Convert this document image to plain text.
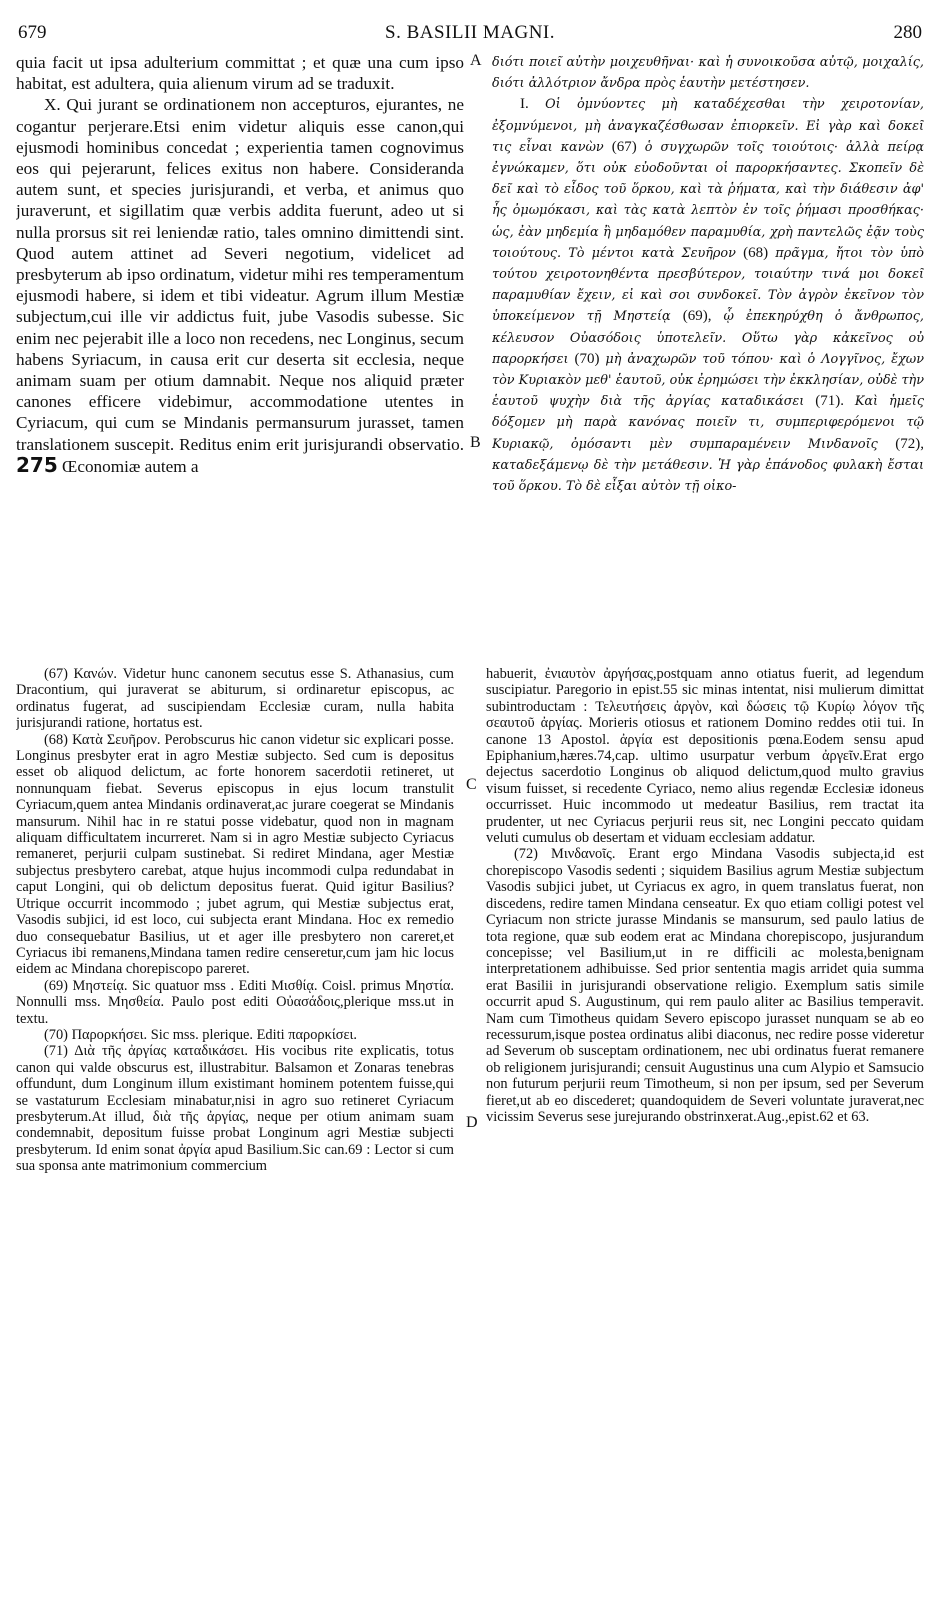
679	S. BASILII MAGNI.	280

quia facit ut ipsa adulterium committat ; et quæ una cum ipso habitat, est adultera, quia alienum virum ad se traduxit.

X. Qui jurant se ordinationem non accepturos, ejurantes, ne cogantur perjerare.Etsi enim videtur aliquis esse canon,qui ejusmodi hominibus concedat ; experientia tamen cognovimus eos qui pejerarunt, felices exitus non habere. Consideranda autem sunt, et species jurisjurandi, et verba, et animus quo juraverunt, et sigillatim quæ verbis addita fuerunt, adeo ut si nulla prorsus sit rei leniendæ ratio, tales omnino dimittendi sint. Quod autem attinet ad Severi negotium, videlicet ad presbyterum ab ipso ordinatum, videtur mihi res temperamentum ejusmodi habere, si idem et tibi videatur. Agrum illum Mestiæ subjectum,cui ille vir addictus fuit, jube Vasodis subesse. Sic enim nec pejerabit ille a loco non recedens, nec Longinus, secum habens Syriacum, in causa erit cur deserta sit ecclesia, neque animam suam per otium damnabit. Neque nos aliquid præter canones efficere videbimur, accommodatione utentes in Cyriacum, qui cum se Mindanis permansurum jurasset, tamen translationem suscepit. Reditus enim erit jurisjurandi observatio. 275 Œconomiæ autem a

A
B
C
D

διότι ποιεῖ αὐτὴν μοιχευθῆναι· καὶ ἡ συνοικοῦσα αὐτῷ, μοιχαλίς, διότι ἀλλότριον ἄνδρα πρὸς ἑαυτὴν μετέστησεν.

Ι. Οἱ ὀμνύοντες μὴ καταδέχεσθαι τὴν χειροτονίαν, ἐξομνύμενοι, μὴ ἀναγκαζέσθωσαν ἐπιορκεῖν. Εἰ γὰρ καὶ δοκεῖ τις εἶναι κανὼν (67) ὁ συγχωρῶν τοῖς τοιούτοις· ἀλλὰ πείρᾳ ἐγνώκαμεν, ὅτι οὐκ εὐοδοῦνται οἱ παρορκήσαντες. Σκοπεῖν δὲ δεῖ καὶ τὸ εἶδος τοῦ ὅρκου, καὶ τὰ ῥήματα, καὶ τὴν διάθεσιν ἀφ' ἧς ὀμωμόκασι, καὶ τὰς κατὰ λεπτὸν ἐν τοῖς ῥήμασι προσθήκας· ὡς, ἐὰν μηδεμία ἢ μηδαμόθεν παραμυθία, χρὴ παντελῶς ἐᾷν τοὺς τοιούτους. Τὸ μέντοι κατὰ Σευῆρον (68) πρᾶγμα, ἤτοι τὸν ὑπὸ τούτου χειροτονηθέντα πρεσβύτερον, τοιαύτην τινά μοι δοκεῖ παραμυθίαν ἔχειν, εἰ καὶ σοι συνδοκεῖ. Τὸν ἀγρὸν ἐκεῖνον τὸν ὑποκείμενον τῇ Μηστείᾳ (69), ᾧ ἐπεκηρύχθη ὁ ἄνθρωπος, κέλευσον Οὐασόδοις ὑποτελεῖν. Οὕτω γὰρ κἀκεῖνος οὐ παρορκήσει (70) μὴ ἀναχωρῶν τοῦ τόπου· καὶ ὁ Λογγῖνος, ἔχων τὸν Κυριακὸν μεθ' ἑαυτοῦ, οὐκ ἐρημώσει τὴν ἐκκλησίαν, οὐδὲ τὴν ἑαυτοῦ ψυχὴν διὰ τῆς ἀργίας καταδικάσει (71). Καὶ ἡμεῖς δόξομεν μὴ παρὰ κανόνας ποιεῖν τι, συμπεριφερόμενοι τῷ Κυριακῷ, ὀμόσαντι μὲν συμπαραμένειν Μινδανοῖς (72), καταδεξάμενῳ δὲ τὴν μετάθεσιν. Ἡ γὰρ ἐπάνοδος φυλακὴ ἔσται τοῦ ὅρκου. Τὸ δὲ εἶξαι αὐτὸν τῇ οἰκο-

(67) Κανών. Videtur hunc canonem secutus esse S. Athanasius, cum Dracontium, qui juraverat se abiturum, si ordinaretur episcopus, ac ordinatus fugerat, ad suscipiendam Ecclesiæ curam, nulla habita jurisjurandi ratione, hortatus est.

(68) Κατὰ Σευῆρον. Perobscurus hic canon videtur sic explicari posse. Longinus presbyter erat in agro Mestiæ subjecto. Sed cum is depositus esset ob aliquod delictum, ac forte honorem sacerdotii retineret, ut nonnunquam fiebat. Severus episcopus in ejus locum transtulit Cyriacum,quem antea Mindanis ordinaverat,ac jurare coegerat se Mindanis mansurum. Nihil hac in re statui posse videbatur, quod non in magnam aliquam difficultatem incurreret. Nam si in agro Mestiæ subjecto Cyriacus remaneret, perjurii culpam sustinebat. Si rediret Mindana, ager Mestiæ subjectus presbytero carebat, atque hujus incommodi culpa redundabat in caput Longini, qui ob delictum depositus fuerat. Quid igitur Basilius? Utrique occurrit incommodo ; jubet agrum, qui Mestiæ subjectus erat, Vasodis subjici, id est loco, cui subjecta erant Mindana. Hoc ex remedio duo consequebatur Basilius, ut et ager ille presbytero non careret,et Cyriacus ibi remanens,Mindana tamen redire censeretur,cum jam hic locus eidem ac Mindana chorepiscopo pareret.

(69) Μηστείᾳ. Sic quatuor mss . Editi Μισθίᾳ. Coisl. primus Μηστία. Nonnulli mss. Μησθεία. Paulo post editi Οὐασάδοις,plerique mss.ut in textu.

(70) Παρορκήσει. Sic mss. plerique. Editi παρορκίσει.

(71) Διὰ τῆς ἀργίας καταδικάσει. His vocibus rite explicatis, totus canon qui valde obscurus est, illustrabitur. Balsamon et Zonaras tenebras offundunt, dum Longinum illum existimant hominem potentem fuisse,qui se vastaturum Ecclesiam minabatur,nisi in agro suo retineret Cyriacum presbyterum.At illud, διὰ τῆς ἀργίας, neque per otium animam suam condemnabit, depositum fuisse probat Longinum agri Mestiæ subjecti presbyterum. Id enim sonat ἀργία apud Basilium.Sic can.69 : Lector si cum sua sponsa ante matrimonium commercium

habuerit, ἐνιαυτὸν ἀργήσας,postquam anno otiatus fuerit, ad legendum suscipiatur. Paregorio in epist.55 sic minas intentat, nisi mulierum dimittat subintroductam : Τελευτήσεις ἀργὸν, καὶ δώσεις τῷ Κυρίῳ λόγον τῆς σεαυτοῦ ἀργίας. Morieris otiosus et rationem Domino reddes otii tui. In canone 13 Apostol. ἀργία est depositionis pœna.Eodem sensu apud Epiphanium,hæres.74,cap. ultimo usurpatur verbum ἀργεῖν.Erat ergo dejectus sacerdotio Longinus ob aliquod delictum,quod multo gravius visum fuisset, si recedente Cyriaco, nemo alius regendæ Ecclesiæ idoneus occurrisset. Huic incommodo ut medeatur Basilius, rem tractat ita prudenter, ut nec Cyriacus perjurii reus sit, nec Longini peccato quidam veluti cumulus ob desertam et viduam ecclesiam addatur.

(72) Μινδανοῖς. Erant ergo Mindana Vasodis subjecta,id est chorepiscopo Vasodis sedenti ; siquidem Basilius agrum Mestiæ subjectum Vasodis subjici jubet, ut Cyriacus ex agro, in quem translatus fuerat, non discedens, redire tamen Mindana censeatur. Ex quo etiam colligi potest vel Cyriacum non stricte jurasse Mindanis se mansurum, sed paulo latius de tota regione, quæ sub eodem erat ac Mindana chorepiscopo, jusjurandum concepisse; vel Basilium,ut in re difficili ac molesta,benignam interpretationem adhibuisse. Sed prior sententia magis arridet quia summa erat Basilii in jurisjurandi observatione religio. Exemplum satis simile occurrit apud S. Augustinum, qui rem paulo aliter ac Basilius temperavit. Nam cum Timotheus quidam Severo episcopo jurasset nunquam se ab eo recessurum,isque postea ordinatus alibi diaconus, nec redire posse videretur ad Severum ob susceptam ordinationem, nec ubi ordinatus fuerat remanere ob religionem jurisjurandi; censuit Augustinus una cum Alypio et Samsucio non futurum perjurii reum Timotheum, si non per ipsum, sed per Severum fieret,ut ab eo discederet; quandoquidem de Severi voluntate juraverat,nec vicissim Severus sese jurejurando obstrinxerat.Aug.,epist.62 et 63.
